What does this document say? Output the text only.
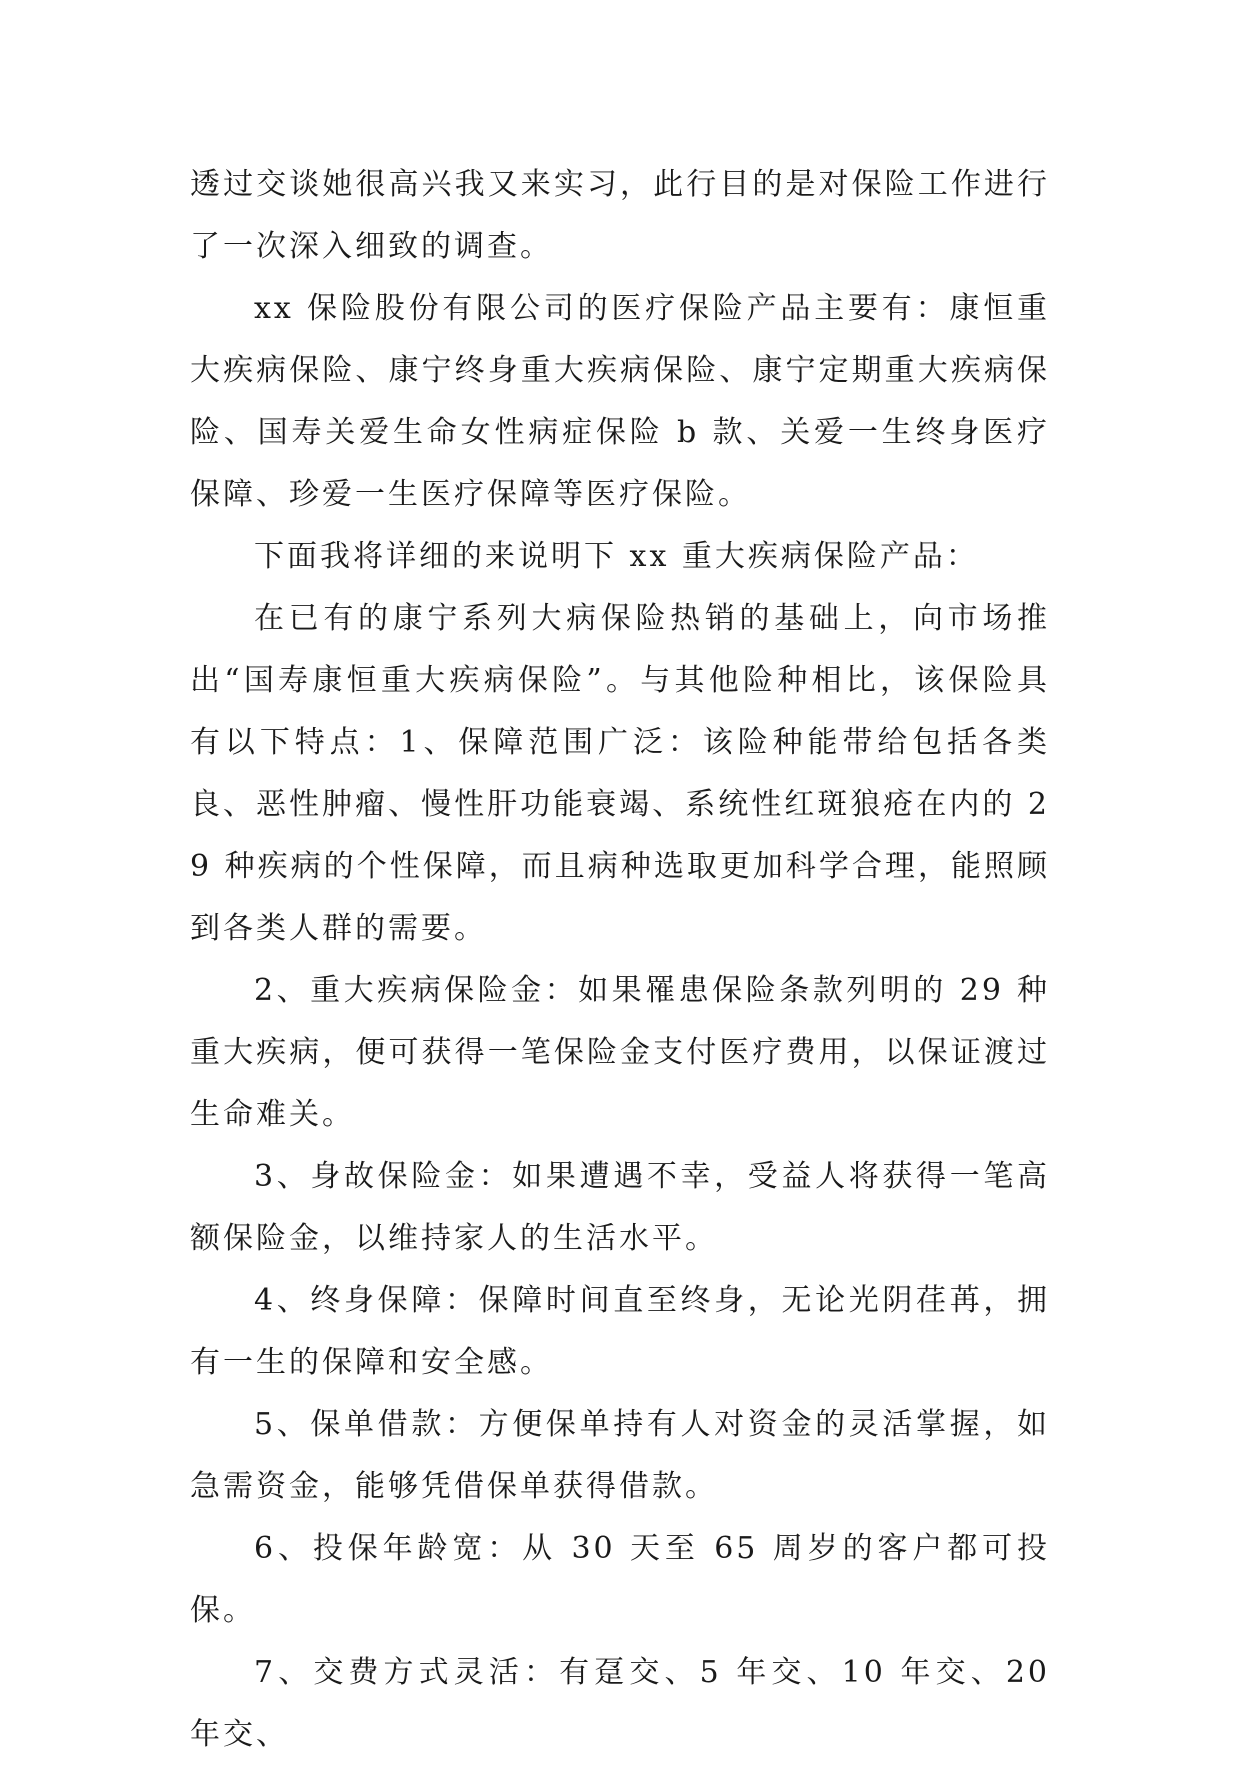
透过交谈她很高兴我又来实习，此行目的是对保险工作进行了一次深入细致的调查。

xx 保险股份有限公司的医疗保险产品主要有：康恒重大疾病保险、康宁终身重大疾病保险、康宁定期重大疾病保险、国寿关爱生命女性病症保险 b 款、关爱一生终身医疗保障、珍爱一生医疗保障等医疗保险。

下面我将详细的来说明下 xx 重大疾病保险产品：

在已有的康宁系列大病保险热销的基础上，向市场推出“国寿康恒重大疾病保险”。与其他险种相比，该保险具有以下特点：1、保障范围广泛：该险种能带给包括各类良、恶性肿瘤、慢性肝功能衰竭、系统性红斑狼疮在内的 29 种疾病的个性保障，而且病种选取更加科学合理，能照顾到各类人群的需要。

2、重大疾病保险金：如果罹患保险条款列明的 29 种重大疾病，便可获得一笔保险金支付医疗费用，以保证渡过生命难关。

3、身故保险金：如果遭遇不幸，受益人将获得一笔高额保险金，以维持家人的生活水平。

4、终身保障：保障时间直至终身，无论光阴荏苒，拥有一生的保障和安全感。

5、保单借款：方便保单持有人对资金的灵活掌握，如急需资金，能够凭借保单获得借款。

6、投保年龄宽：从 30 天至 65 周岁的客户都可投保。

7、交费方式灵活：有趸交、5 年交、10 年交、20 年交、
